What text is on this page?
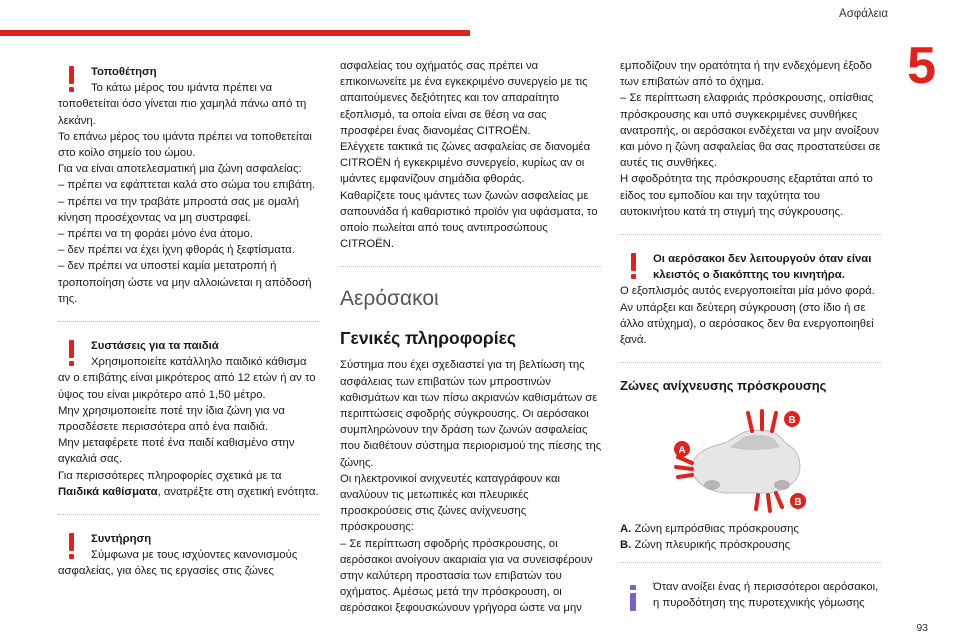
Ασφάλεια
5
93

Τοποθέτηση

Το κάτω μέρος του ιμάντα πρέπει να

τοποθετείται όσο γίνεται πιο χαμηλά πάνω από τη λεκάνη.

Το επάνω μέρος του ιμάντα πρέπει να τοποθετείται στο κοίλο σημείο του ώμου.

Για να είναι αποτελεσματική μια ζώνη ασφαλείας:

– πρέπει να εφάπτεται καλά στο σώμα του επιβάτη.

– πρέπει να την τραβάτε μπροστά σας με ομαλή κίνηση προσέχοντας να μη συστραφεί.

– πρέπει να τη φοράει μόνο ένα άτομο.

– δεν πρέπει να έχει ίχνη φθοράς ή ξεφτίσματα.

– δεν πρέπει να υποστεί καμία μετατροπή ή τροποποίηση ώστε να μην αλλοιώνεται η απόδοσή της.

Συστάσεις για τα παιδιά

Χρησιμοποιείτε κατάλληλο παιδικό κάθισμα

αν ο επιβάτης είναι μικρότερος από 12 ετών ή αν το ύψος του είναι μικρότερο από 1,50 μέτρο.

Μην χρησιμοποιείτε ποτέ την ίδια ζώνη για να προσδέσετε περισσότερα από ένα παιδιά.

Μην μεταφέρετε ποτέ ένα παιδί καθισμένο στην αγκαλιά σας.

Για περισσότερες πληροφορίες σχετικά με τα Παιδικά καθίσματα, ανατρέξτε στη σχετική ενότητα.

Συντήρηση

Σύμφωνα με τους ισχύοντες κανονισμούς

ασφαλείας, για όλες τις εργασίες στις ζώνες

ασφαλείας του οχήματός σας πρέπει να επικοινωνείτε με ένα εγκεκριμένο συνεργείο με τις απαιτούμενες δεξιότητες και τον απαραίτητο εξοπλισμό, τα οποία είναι σε θέση να σας προσφέρει ένας διανομέας CITROËN.

Ελέγχετε τακτικά τις ζώνες ασφαλείας σε διανομέα CITROËN ή εγκεκριμένο συνεργείο, κυρίως αν οι ιμάντες εμφανίζουν σημάδια φθοράς.

Καθαρίζετε τους ιμάντες των ζωνών ασφαλείας με σαπουνάδα ή καθαριστικό προϊόν για υφάσματα, το οποίο πωλείται από τους αντιπροσώπους CITROËN.

Αερόσακοι
Γενικές πληροφορίες

Σύστημα που έχει σχεδιαστεί για τη βελτίωση της ασφάλειας των επιβατών των μπροστινών καθισμάτων και των πίσω ακριανών καθισμάτων σε περιπτώσεις σφοδρής σύγκρουσης. Οι αερόσακοι συμπληρώνουν την δράση των ζωνών ασφαλείας που διαθέτουν σύστημα περιορισμού της πίεσης της ζώνης.

Οι ηλεκτρονικοί ανιχνευτές καταγράφουν και αναλύουν τις μετωπικές και πλευρικές προσκρούσεις στις ζώνες ανίχνευσης πρόσκρουσης:

– Σε περίπτωση σφοδρής πρόσκρουσης, οι αερόσακοι ανοίγουν ακαριαία για να συνεισφέρουν στην καλύτερη προστασία των επιβατών του οχήματος. Αμέσως μετά την πρόσκρουση, οι αερόσακοι ξεφουσκώνουν γρήγορα ώστε να μην

εμποδίζουν την ορατότητα ή την ενδεχόμενη έξοδο των επιβατών από το όχημα.

– Σε περίπτωση ελαφριάς πρόσκρουσης, οπίσθιας πρόσκρουσης και υπό συγκεκριμένες συνθήκες ανατροπής, οι αερόσακοι ενδέχεται να μην ανοίξουν και μόνο η ζώνη ασφαλείας θα σας προστατεύσει σε αυτές τις συνθήκες.

Η σφοδρότητα της πρόσκρουσης εξαρτάται από το είδος του εμποδίου και την ταχύτητα του αυτοκινήτου κατά τη στιγμή της σύγκρουσης.

Οι αερόσακοι δεν λειτουργούν όταν είναι κλειστός ο διακόπτης του κινητήρα.

Ο εξοπλισμός αυτός ενεργοποιείται μία μόνο φορά. Αν υπάρξει και δεύτερη σύγκρουση (στο ίδιο ή σε άλλο ατύχημα), ο αερόσακος δεν θα ενεργοποιηθεί ξανά.

Ζώνες ανίχνευσης πρόσκρουσης
A
B
B

A. Ζώνη εμπρόσθιας πρόσκρουσης

B. Ζώνη πλευρικής πρόσκρουσης

Όταν ανοίξει ένας ή περισσότεροι αερόσακοι, η πυροδότηση της πυροτεχνικής γόμωσης
